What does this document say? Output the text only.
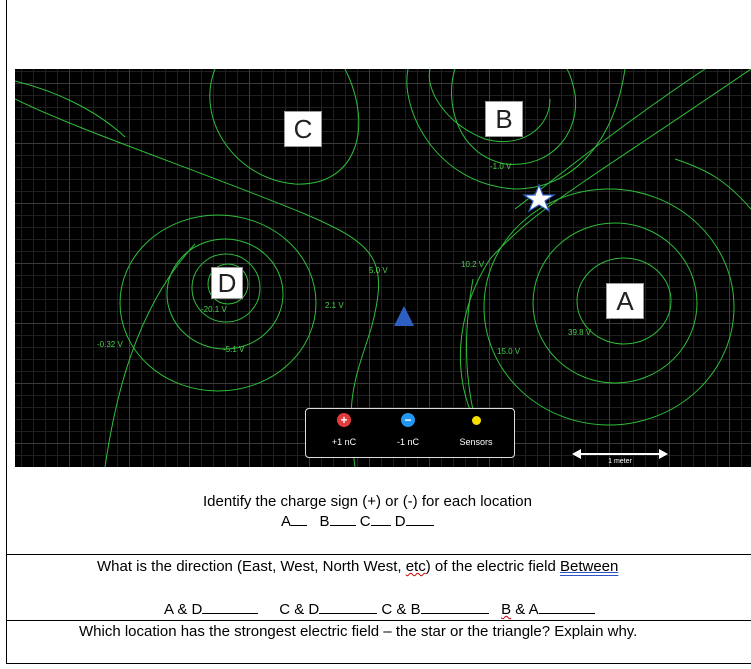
C	B
D
A
-1.0 V
10.2 V
5.0 V
2.1 V
-20.1 V
-5.1 V
-0.32 V
39.8 V
15.0 V
+
+1 nC
−
-1 nC	Sensors
1 meter
Identify the charge sign (+) or (-) for each location
A B C D
What is the direction (East, West, North West, etc) of the electric field Between
A & D	C & D	C & B	B & A
Which location has the strongest electric field – the star or the triangle? Explain why.
